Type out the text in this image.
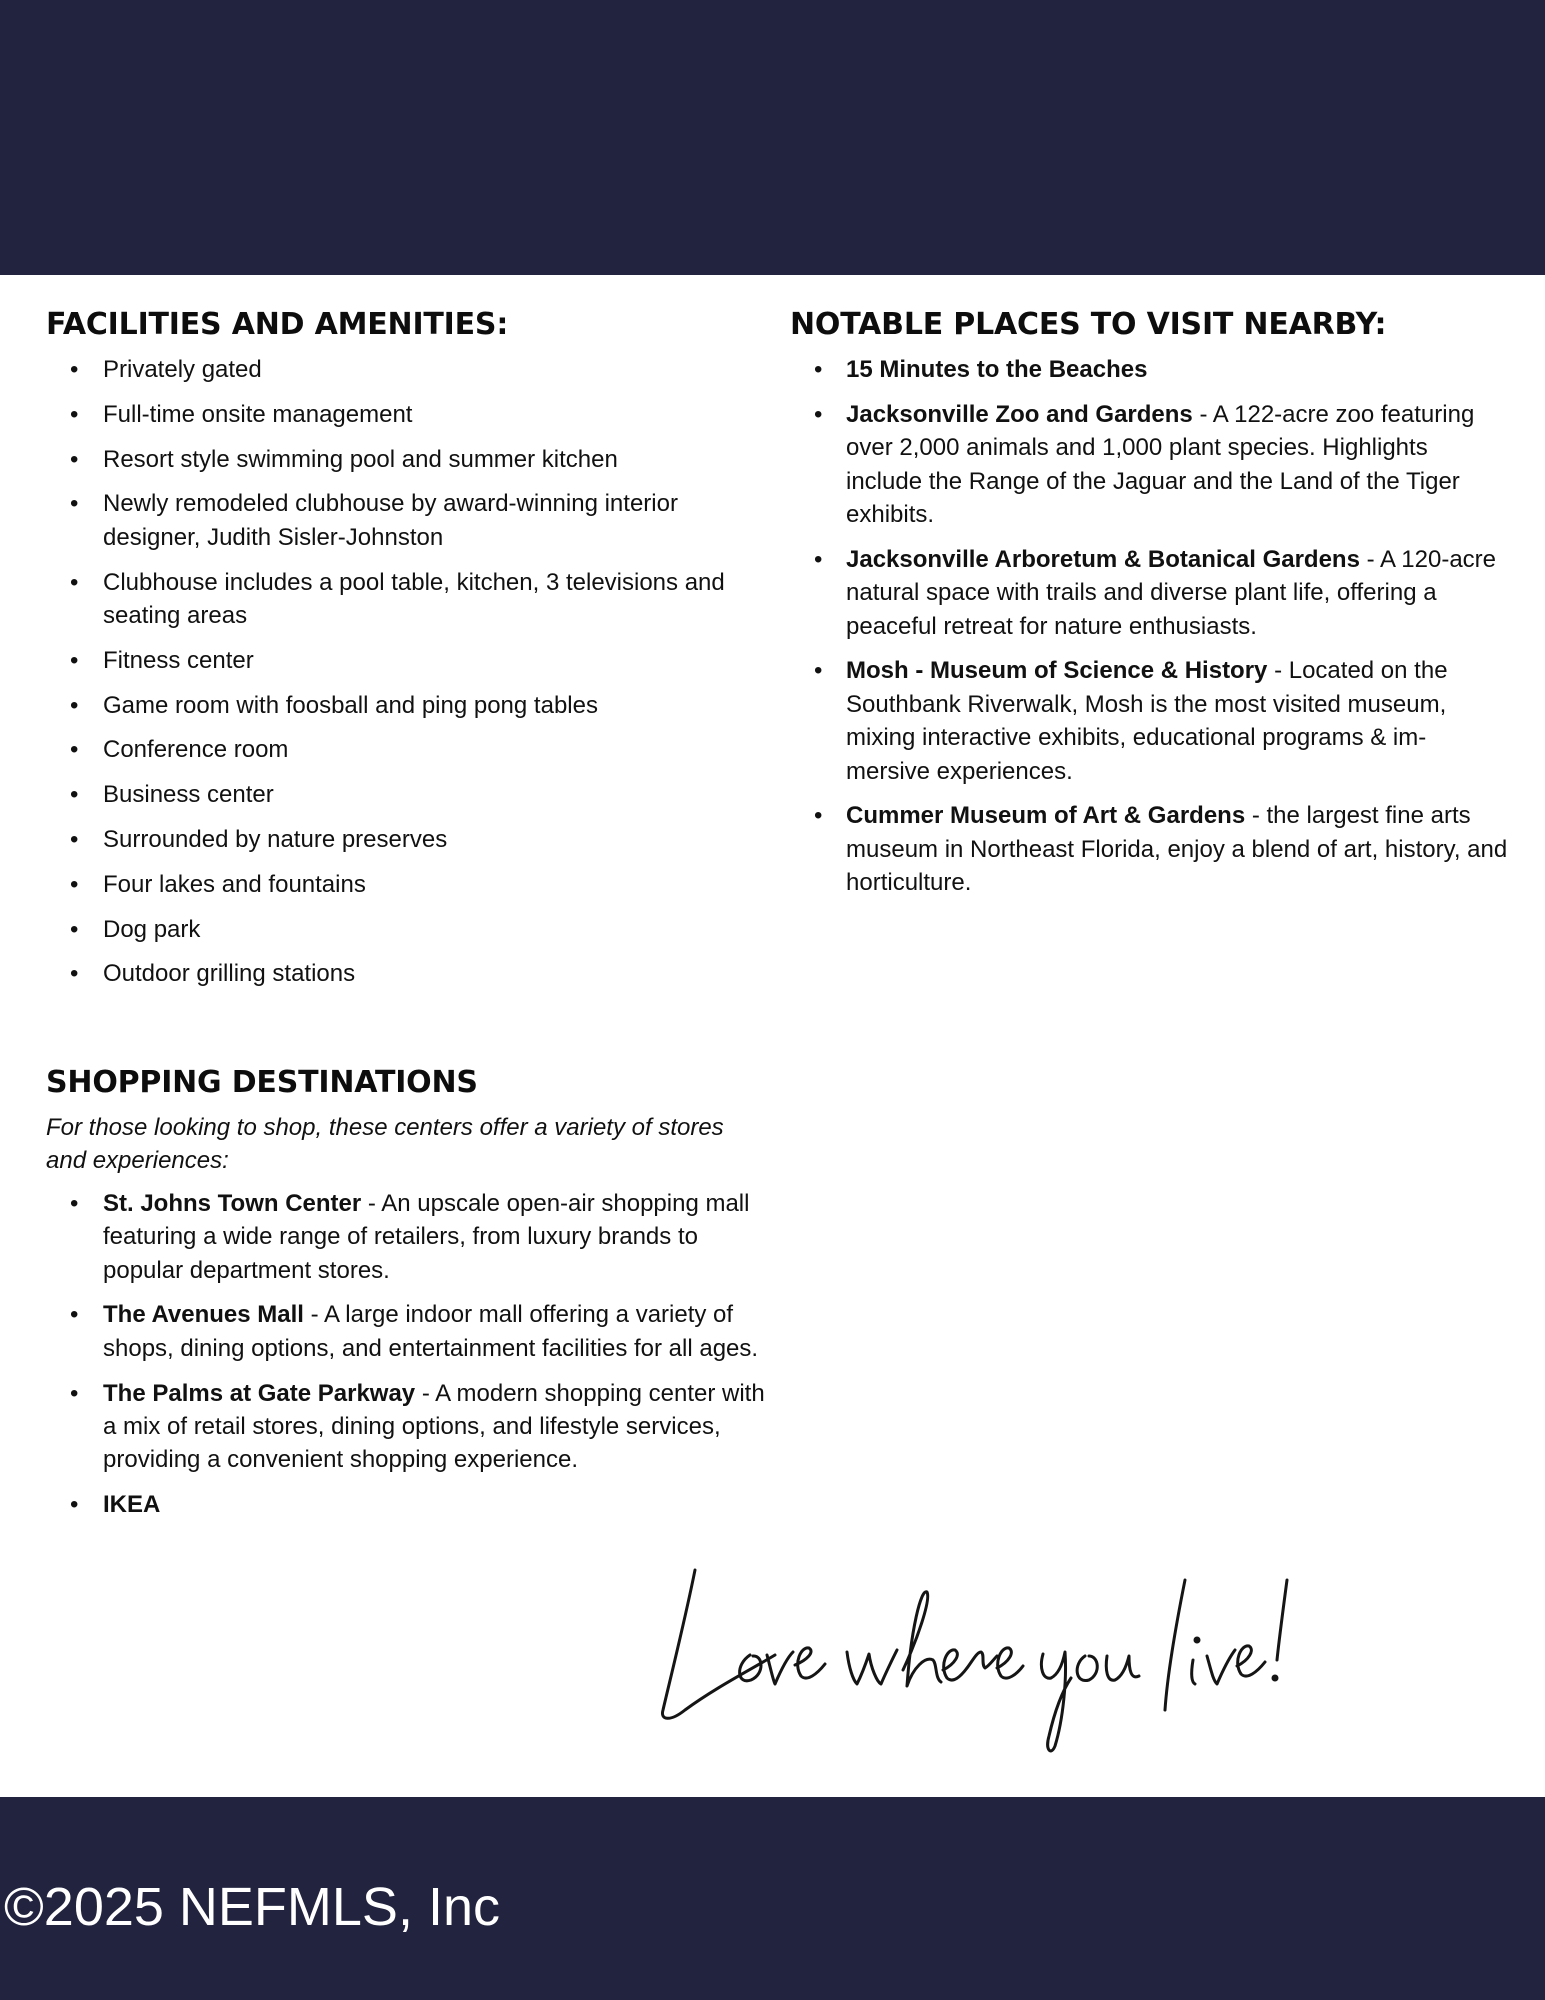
FACILITIES AND AMENITIES:
• Privately gated
• Full-time onsite management
• Resort style swimming pool and summer kitchen
• Newly remodeled clubhouse by award-winning interior designer, Judith Sisler-Johnston
• Clubhouse includes a pool table, kitchen, 3 televisions and seating areas
• Fitness center
• Game room with foosball and ping pong tables
• Conference room
• Business center
• Surrounded by nature preserves
• Four lakes and fountains
• Dog park
• Outdoor grilling stations
NOTABLE PLACES TO VISIT NEARBY:
• 15 Minutes to the Beaches
• Jacksonville Zoo and Gardens - A 122-acre zoo featuring over 2,000 animals and 1,000 plant species. Highlights include the Range of the Jaguar and the Land of the Tiger exhibits.
• Jacksonville Arboretum & Botanical Gardens - A 120-acre natural space with trails and diverse plant life, offering a peaceful retreat for nature enthusiasts.
• Mosh - Museum of Science & History - Located on the Southbank Riverwalk, Mosh is the most visited museum, mixing interactive exhibits, educational programs & im-mersive experiences.
• Cummer Museum of Art & Gardens - the largest fine arts museum in Northeast Florida, enjoy a blend of art, history, and horticulture.
SHOPPING DESTINATIONS

For those looking to shop, these centers offer a variety of stores and experiences:

• St. Johns Town Center - An upscale open-air shopping mall featuring a wide range of retailers, from luxury brands to popular department stores.
• The Avenues Mall - A large indoor mall offering a variety of shops, dining options, and entertainment facilities for all ages.
• The Palms at Gate Parkway - A modern shopping center with a mix of retail stores, dining options, and lifestyle services, providing a convenient shopping experience.
• IKEA

©2025 NEFMLS, Inc
